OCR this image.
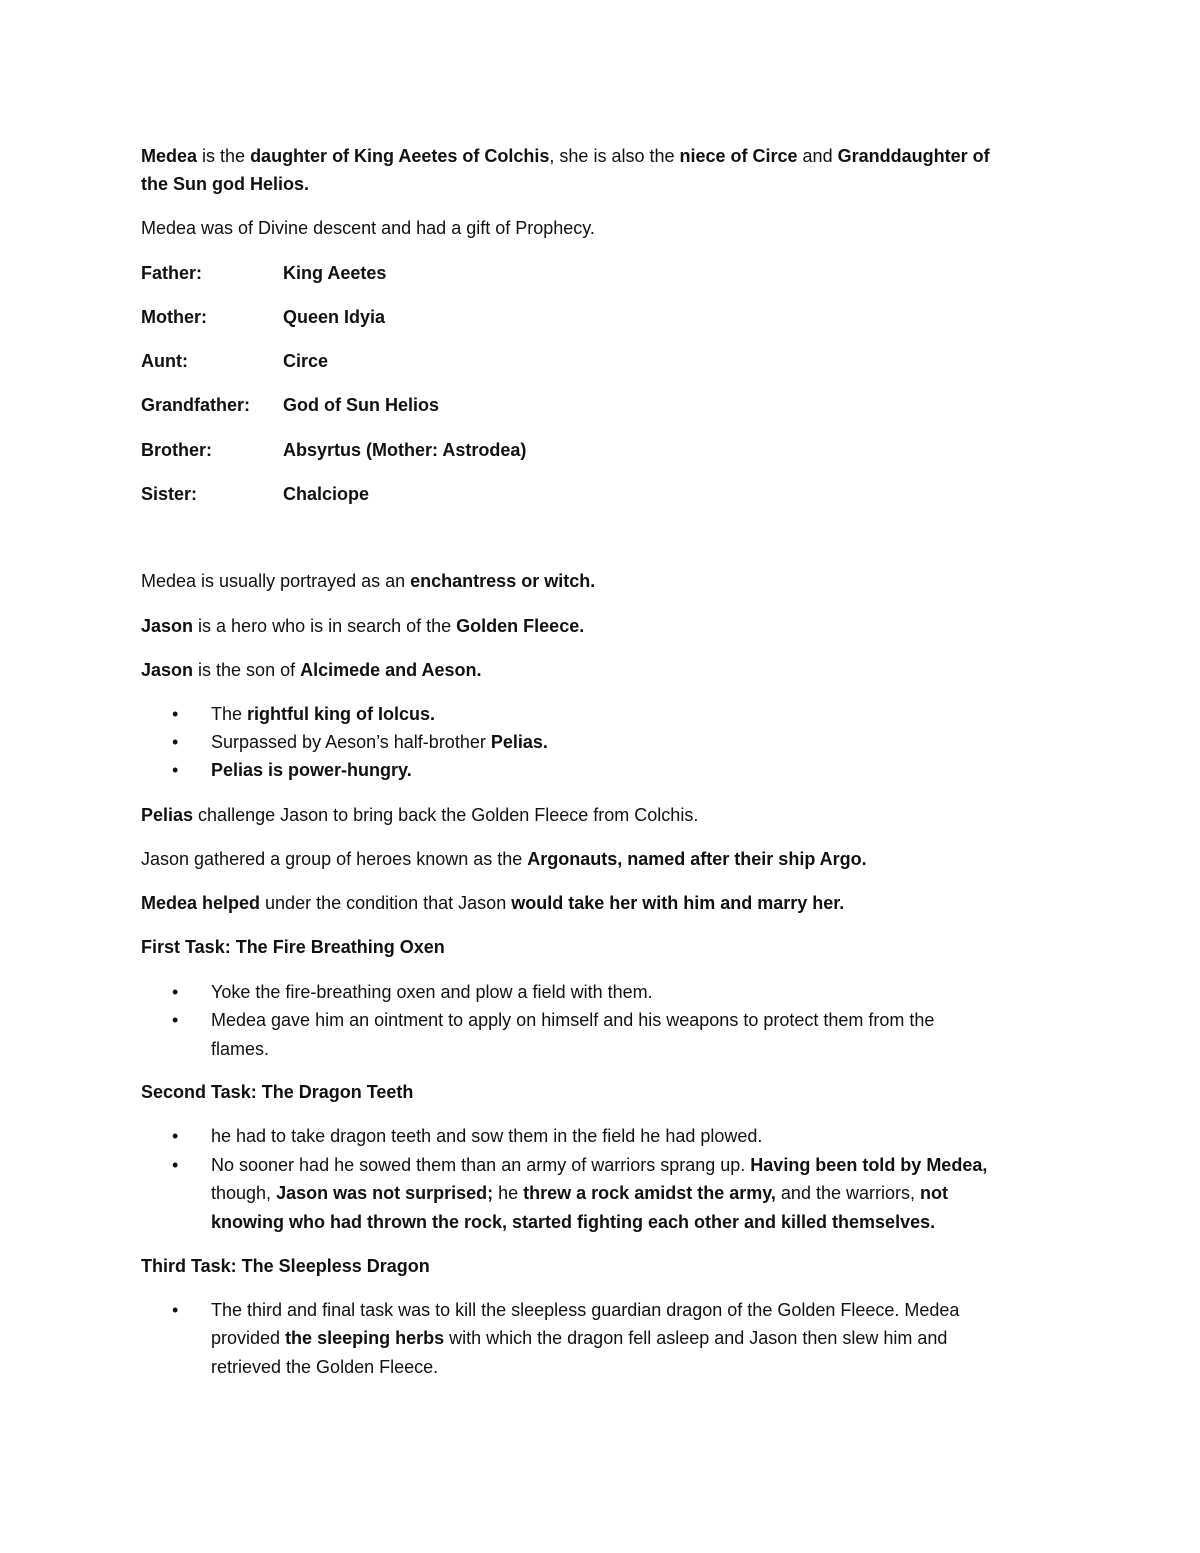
Medea is the daughter of King Aeetes of Colchis, she is also the niece of Circe and Granddaughter of
the Sun god Helios.
Medea was of Divine descent and had a gift of Prophecy.
Father:	King Aeetes
Mother:	Queen Idyia
Aunt:	Circe
Grandfather: God of Sun Helios
Brother:	Absyrtus (Mother: Astrodea)
Sister:	Chalciope
Medea is usually portrayed as an enchantress or witch.
Jason is a hero who is in search of the Golden Fleece.
Jason is the son of Alcimede and Aeson.
•	The rightful king of Iolcus.
•	Surpassed by Aeson’s half-brother Pelias.
•	Pelias is power-hungry.
Pelias challenge Jason to bring back the Golden Fleece from Colchis.
Jason gathered a group of heroes known as the Argonauts, named after their ship Argo.
Medea helped under the condition that Jason would take her with him and marry her.
First Task: The Fire Breathing Oxen
•	Yoke the fire-breathing oxen and plow a field with them.
•	Medea gave him an ointment to apply on himself and his weapons to protect them from the
flames.
Second Task: The Dragon Teeth
•	he had to take dragon teeth and sow them in the field he had plowed.
•	No sooner had he sowed them than an army of warriors sprang up. Having been told by Medea,
though, Jason was not surprised; he threw a rock amidst the army, and the warriors, not
knowing who had thrown the rock, started fighting each other and killed themselves.
Third Task: The Sleepless Dragon
•	The third and final task was to kill the sleepless guardian dragon of the Golden Fleece. Medea
provided the sleeping herbs with which the dragon fell asleep and Jason then slew him and
retrieved the Golden Fleece.
